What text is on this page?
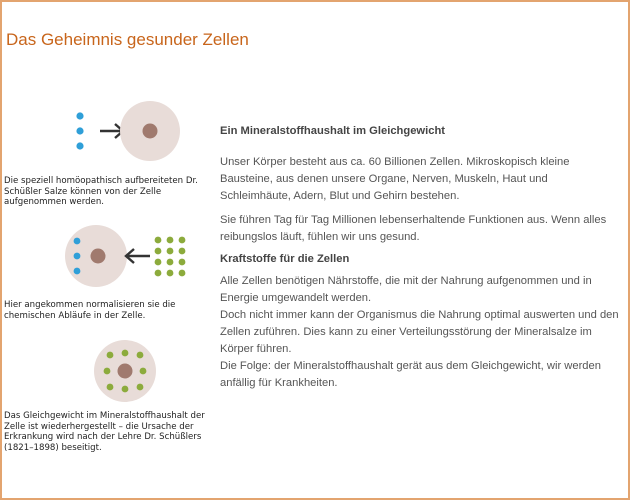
Das Geheimnis gesunder Zellen
Die speziell homöopathisch aufbereiteten Dr. Schüßler Salze können von der Zelle aufgenommen werden.
Hier angekommen normalisieren sie die chemischen Abläufe in der Zelle.
Das Gleichgewicht im Mineralstoffhaushalt der Zelle ist wiederhergestellt – die Ursache der Erkrankung wird nach der Lehre Dr. Schüßlers (1821–1898) beseitigt.
Ein Mineralstoffhaushalt im Gleichgewicht
Unser Körper besteht aus ca. 60 Billionen Zellen. Mikroskopisch kleine Bausteine, aus denen unsere Organe, Nerven, Muskeln, Haut und Schleimhäute, Adern, Blut und Gehirn bestehen.
Sie führen Tag für Tag Millionen lebenserhaltende Funktionen aus. Wenn alles reibungslos läuft, fühlen wir uns gesund.
Kraftstoffe für die Zellen
Alle Zellen benötigen Nährstoffe, die mit der Nahrung aufgenommen und in Energie umgewandelt werden.
Doch nicht immer kann der Organismus die Nahrung optimal auswerten und den Zellen zuführen. Dies kann zu einer Verteilungsstörung der Mineralsalze im Körper führen.
Die Folge: der Mineralstoffhaushalt gerät aus dem Gleichgewicht, wir werden anfällig für Krankheiten.
